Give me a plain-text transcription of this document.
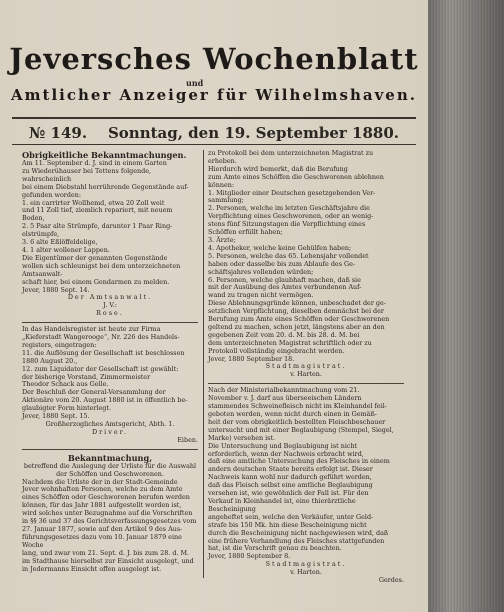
Jeversches Wochenblatt
und
Amtlicher Anzeiger für Wilhelmshaven.
№ 149. Sonntag, den 19. September 1880.

Obrigkeitliche Bekanntmachungen.

Am 11. September d. J. sind in einem Garten

zu Wiederühauser bei Tettens folgende, wahrscheinlich

bei einem Diebstahl herrührende Gegenstände auf-

gefunden worden:

1. ein carrirter Wollhemd, etwa 20 Zoll weit

und 11 Zoll tief, ziemlich repariert, mit neuem

Boden,

2. 5 Paar alte Strümpfe, darunter 1 Paar Ring-

elstrümpfe,

3. 6 alte Eßlöffeldelige,

4. 1 alter wollener Lappen.

Die Eigentümer der genannten Gegenstände

wollen sich schleunigst bei dem unterzeichneten Amtsanwalt-

schaft hier, bei einem Gendarmen zu melden.

Jever, 1880 Sept. 14.

Der Amtsanwalt.

J. V.:

Rose.

In das Handelsregister ist heute zur Firma

„Kieferstadt Wangerooge“, Nr. 226 des Handels-

registers, eingetragen:

11. die Auflösung der Gesellschaft ist beschlossen

1880 August 20.,

12. zum Liquidator der Gesellschaft ist gewählt:

der bisherige Vorstand, Zimmermeister

Theodor Schack aus Gelle.

Der Beschluß der General-Versammlung der

Aktionäre vom 20. August 1880 ist in öffentlich be-

glaubigter Form hinterlegt.

Jever, 1880 Sept. 15.

Großherzogliches Amtsgericht, Abth. 1.

Driver.

Eiben.

Bekanntmachung,

betreffend die Auslegung der Urliste für die Auswahl

der Schöffen und Geschworenen.

Nachdem die Urliste der in der Stadt-Gemeinde

Jever wohnhaften Personen, welche zu dem Amte

eines Schöffen oder Geschworenen berufen werden

können, für das Jahr 1881 aufgestellt worden ist,

wird solches unter Bezugnahme auf die Vorschriften

in §§ 36 und 37 des Gerichtsverfassungsgesetzes vom

27. Januar 1877, sowie auf den Artikel 9 des Aus-

führungsgesetzes dazu vom 10. Januar 1879 eine Woche

lang, und zwar vom 21. Sept. d. J. bis zum 28. d. M.

im Stadthause hierselbst zur Einsicht ausgelegt, und

in Jedermanns Einsicht offen ausgelegt ist.

zu Protokoll bei dem unterzeichneten Magistrat zu

erheben.

Hierdurch wird bemerkt, daß die Berufung

zum Amte eines Schöffen die Geschworenen ablehnen

können:

1. Mitglieder einer Deutschen gesetzgebenden Ver-

sammlung;

2. Personen, welche im letzten Geschäftsjahre die

Verpflichtung eines Geschworenen, oder an wenig-

stens fünf Sitzungstagen die Verpflichtung eines

Schöffen erfüllt haben;

3. Ärzte;

4. Apotheker, welche keine Gehülfen haben;

5. Personen, welche das 65. Lebensjahr vollendet

haben oder dasselbe bis zum Ablaufe des Ge-

schäftsjahres vollenden würden;

6. Personen, welche glaubhaft machen, daß sie

mit der Ausübung des Amtes verbundenen Auf-

wand zu tragen nicht vermögen.

Diese Ablehnungsgründe können, unbeschadet der ge-

setzlichen Verpflichtung, dieselben demnächst bei der

Berufung zum Amte eines Schöffen oder Geschworenen

geltend zu machen, schon jetzt, längstens aber an den

gegebenen Zeit vom 20. d. M. bis 28. d. M. bei

dem unterzeichneten Magistrat schriftlich oder zu

Protokoll vollständig eingebracht werden.

Jever, 1880 September 18.

Stadtmagistrat.

v. Harten.

Nach der Ministerialbekanntmachung vom 21.

November v. J. darf aus überseeischen Ländern

stammendes Schweinefleisch nicht im Kleinhandel feil-

geboten werden, wenn nicht durch einen in Gemäß-

heit der vom obrigkeitlich bestellten Fleischbeschauer

untersucht und mit einer Beglaubigung (Stempel, Siegel,

Marke) versehen ist.

Die Untersuchung und Beglaubigung ist nicht

erforderlich, wenn der Nachweis erbracht wird,

daß eine amtliche Untersuchung des Fleisches in einem

andern deutschen Staate bereits erfolgt ist. Dieser

Nachweis kann wohl nur dadurch geführt werden,

daß das Fleisch selbst eine amtliche Beglaubigung

versehen ist, wie gewöhnlich der Fall ist. Für den

Verkauf in Kleinhandel ist, eine thierärztliche Bescheinigung

angeheftet sein, welche den Verkäufer, unter Geld-

strafe bis 150 Mk. hin diese Bescheinigung nicht

durch die Bescheinigung nicht nachgewiesen wird, daß

eine frühere Verhandlung des Fleisches stattgefunden

hat, ist die Vorschrift genau zu beachten.

Jever, 1880 September 8.

Stadtmagistrat.

v. Harten.

Gerdes.
